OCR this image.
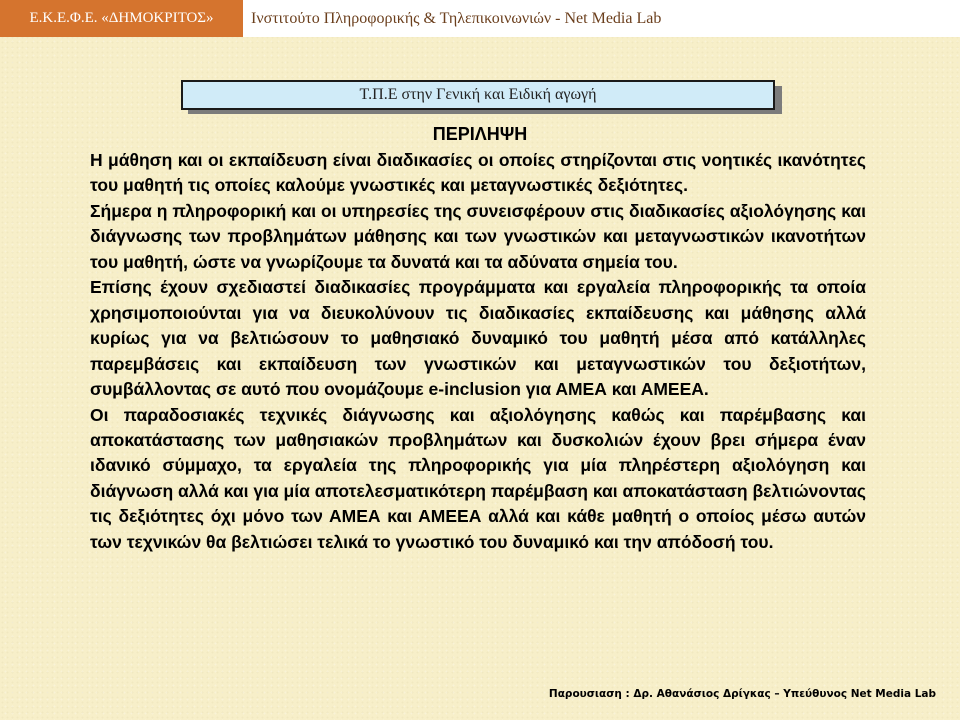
Ε.Κ.Ε.Φ.Ε. «ΔΗΜΟΚΡΙΤΟΣ»	Ινστιτούτο Πληροφορικής & Τηλεπικοινωνιών - Net Media Lab
Τ.Π.Ε στην Γενική και Ειδική αγωγή
ΠΕΡΙΛΗΨΗ

Η μάθηση και οι εκπαίδευση είναι διαδικασίες οι οποίες στηρίζονται στις νοητικές ικανότητες του μαθητή τις οποίες καλούμε γνωστικές και μεταγνωστικές δεξιότητες.

Σήμερα η πληροφορική και οι υπηρεσίες της συνεισφέρουν στις διαδικασίες αξιολόγησης και διάγνωσης των προβλημάτων μάθησης και των γνωστικών και μεταγνωστικών ικανοτήτων του μαθητή, ώστε να γνωρίζουμε τα δυνατά και τα αδύνατα σημεία του.

Επίσης έχουν σχεδιαστεί διαδικασίες προγράμματα και εργαλεία πληροφορικής τα οποία χρησιμοποιούνται για να διευκολύνουν τις διαδικασίες εκπαίδευσης και μάθησης αλλά κυρίως για να βελτιώσουν το μαθησιακό δυναμικό του μαθητή μέσα από κατάλληλες παρεμβάσεις και εκπαίδευση των γνωστικών και μεταγνωστικών του δεξιοτήτων, συμβάλλοντας σε αυτό που ονομάζουμε e-inclusion για ΑΜΕΑ και ΑΜΕΕΑ.

Οι παραδοσιακές τεχνικές διάγνωσης και αξιολόγησης καθώς και παρέμβασης και αποκατάστασης των μαθησιακών προβλημάτων και δυσκολιών έχουν βρει σήμερα έναν ιδανικό σύμμαχο, τα εργαλεία της πληροφορικής για μία πληρέστερη αξιολόγηση και διάγνωση αλλά και για μία αποτελεσματικότερη παρέμβαση και αποκατάσταση βελτιώνοντας τις δεξιότητες όχι μόνο των ΑΜΕΑ και ΑΜΕΕΑ αλλά και κάθε μαθητή ο οποίος μέσω αυτών των τεχνικών θα βελτιώσει τελικά το γνωστικό του δυναμικό και την απόδοσή του.

Παρουσιαση : Δρ. Αθανάσιος Δρίγκας – Υπεύθυνος Net Media Lab
